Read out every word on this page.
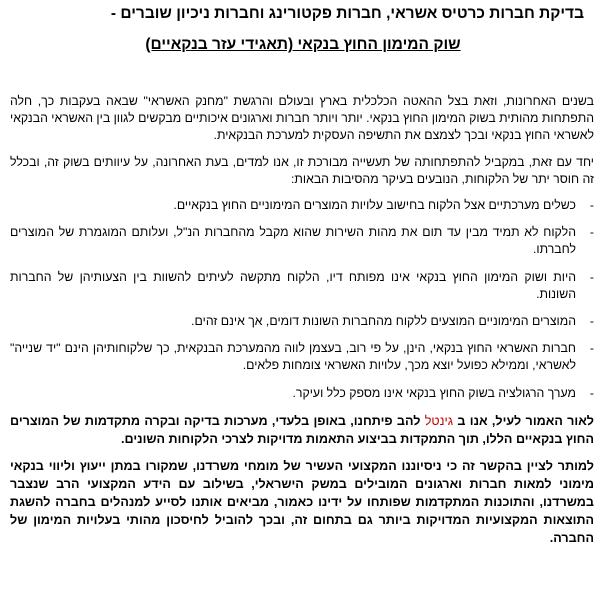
בדיקת חברות כרטיס אשראי, חברות פקטורינג וחברות ניכיון שוברים -
שוק המימון החוץ בנקאי (תאגידי עזר בנקאיים)

בשנים האחרונות, וזאת בצל ההאטה הכלכלית בארץ ובעולם והרגשת "מחנק האשראי" שבאה בעקבות כך, חלה התפתחות מהותית בשוק המימון החוץ בנקאי. יותר ויותר חברות וארגונים איכותיים מבקשים לגוון בין האשראי הבנקאי לאשראי החוץ בנקאי ובכך לצמצם את התשיפה העסקית למערכת הבנקאית.

יחד עם זאת, במקביל להתפתחותה של תעשייה מבורכת זו, אנו למדים, בעת האחרונה, על עיוותים בשוק זה, ובכלל זה חוסר יתר של הלקוחות, הנובעים בעיקר מהסיבות הבאות:

- כשלים מערכתיים אצל הלקוח בחישוב עלויות המוצרים המימוניים החוץ בנקאיים.
- הלקוח לא תמיד מבין עד תום את מהות השירות שהוא מקבל מהחברות הנ"ל, ועלותם המוגמרת של המוצרים לחברתו.
- היות ושוק המימון החוץ בנקאי אינו מפותח דיו, הלקוח מתקשה לעיתים להשוות בין הצעותיהן של החברות השונות.
- המוצרים המימוניים המוצעים ללקוח מהחברות השונות דומים, אך אינם זהים.
- חברות האשראי החוץ בנקאי, הינן, על פי רוב, בעצמן לווה מהמערכת הבנקאית, כך שלקוחותיהן הינם "יד שנייה" לאשראי, וממילא כפועל יוצא מכך, עלויות האשראי צומחות פלאים.
- מערך הרגולציה בשוק החוץ בנקאי אינו מספק כלל ועיקר.

לאור האמור לעיל, אנו ב גינטל להב פיתחנו, באופן בלעדי, מערכות בדיקה ובקרה מתקדמות של המוצרים החוץ בנקאיים הללו, תוך התמקדות בביצוע התאמות מדויקות לצרכי הלקוחות השונים.

למותר לציין בהקשר זה כי ניסיוננו המקצועי העשיר של מומחי משרדנו, שמקורו במתן ייעוץ וליווי בנקאי מימוני למאות חברות וארגונים המובילים במשק הישראלי, בשילוב עם הידע המקצועי הרב שנצבר במשרדנו, והתוכנות המתקדמות שפותחו על ידינו כאמור, מביאים אותנו לסייע למנהלים בחברה להשגת התוצאות המקצועיות המדויקות ביותר גם בתחום זה, ובכך להוביל לחיסכון מהותי בעלויות המימון של החברה.
